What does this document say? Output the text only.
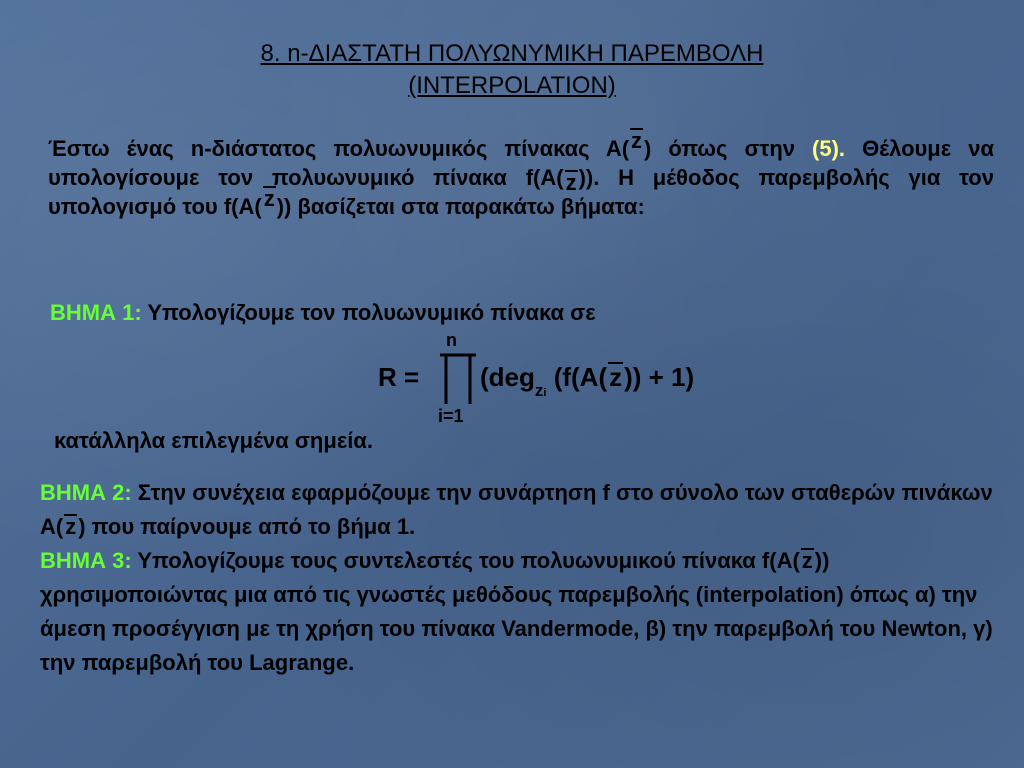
8. n-ΔΙΑΣΤΑΤΗ ΠΟΛΥΩΝΥΜΙΚΗ ΠΑΡΕΜΒΟΛΗ
(INTERPOLATION)
Έστω ένας n-διάστατος πολυωνυμικός πίνακας Α(z) όπως στην (5). Θέλουμε να υπολογίσουμε τον πολυωνυμικό πίνακα f(A(z)). Η μέθοδος παρεμβολής για τον υπολογισμό του f(A(z)) βασίζεται στα παρακάτω βήματα:
ΒΗΜΑ 1: Υπολογίζουμε τον πολυωνυμικό πίνακα σε
n
R = (deg$_{zi}$ (f(A(z)) + 1)
i=1
κατάλληλα επιλεγμένα σημεία.
ΒΗΜΑ 2: Στην συνέχεια εφαρμόζουμε την συνάρτηση f στο σύνολο των σταθερών πινάκων Α(z) που παίρνουμε από το βήμα 1.
ΒΗΜΑ 3: Υπολογίζουμε τους συντελεστές του πολυωνυμικού πίνακα f(A(z)) χρησιμοποιώντας μια από τις γνωστές μεθόδους παρεμβολής (interpolation) όπως α) την άμεση προσέγγιση με τη χρήση του πίνακα Vandermode, β) την παρεμβολή του Newton, γ) την παρεμβολή του Lagrange.
